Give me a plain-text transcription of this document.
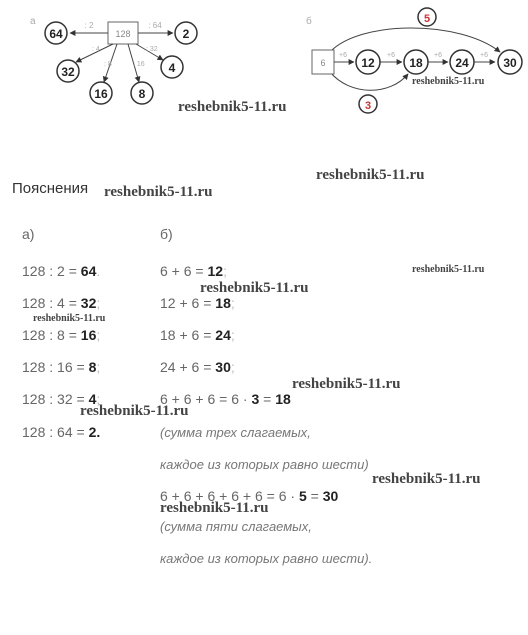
a
128
: 2	: 64
: 4
: 8	: 16
: 32
64	2
32
16	8
4
б
6
+6	+6	+6	+6
12	18	24	30
5
3
reshebnik5-11.ru
reshebnik5-11.ru
reshebnik5-11.ru
reshebnik5-11.ru
reshebnik5-11.ru
reshebnik5-11.ru
reshebnik5-11.ru
reshebnik5-11.ru
reshebnik5-11.ru
reshebnik5-11.ru
reshebnik5-11.ru
Пояснения
а)	б)
128 : 2 = 64.
128 : 4 = 32;
128 : 8 = 16;
128 : 16 = 8;
128 : 32 = 4;
128 : 64 = 2.
6 + 6 = 12;
12 + 6 = 18;
18 + 6 = 24;
24 + 6 = 30;
6 + 6 + 6 = 6 · 3 = 18
(сумма трех слагаемых,
каждое из которых равно шести)
6 + 6 + 6 + 6 + 6 = 6 · 5 = 30
(сумма пяти слагаемых,
каждое из которых равно шести).
